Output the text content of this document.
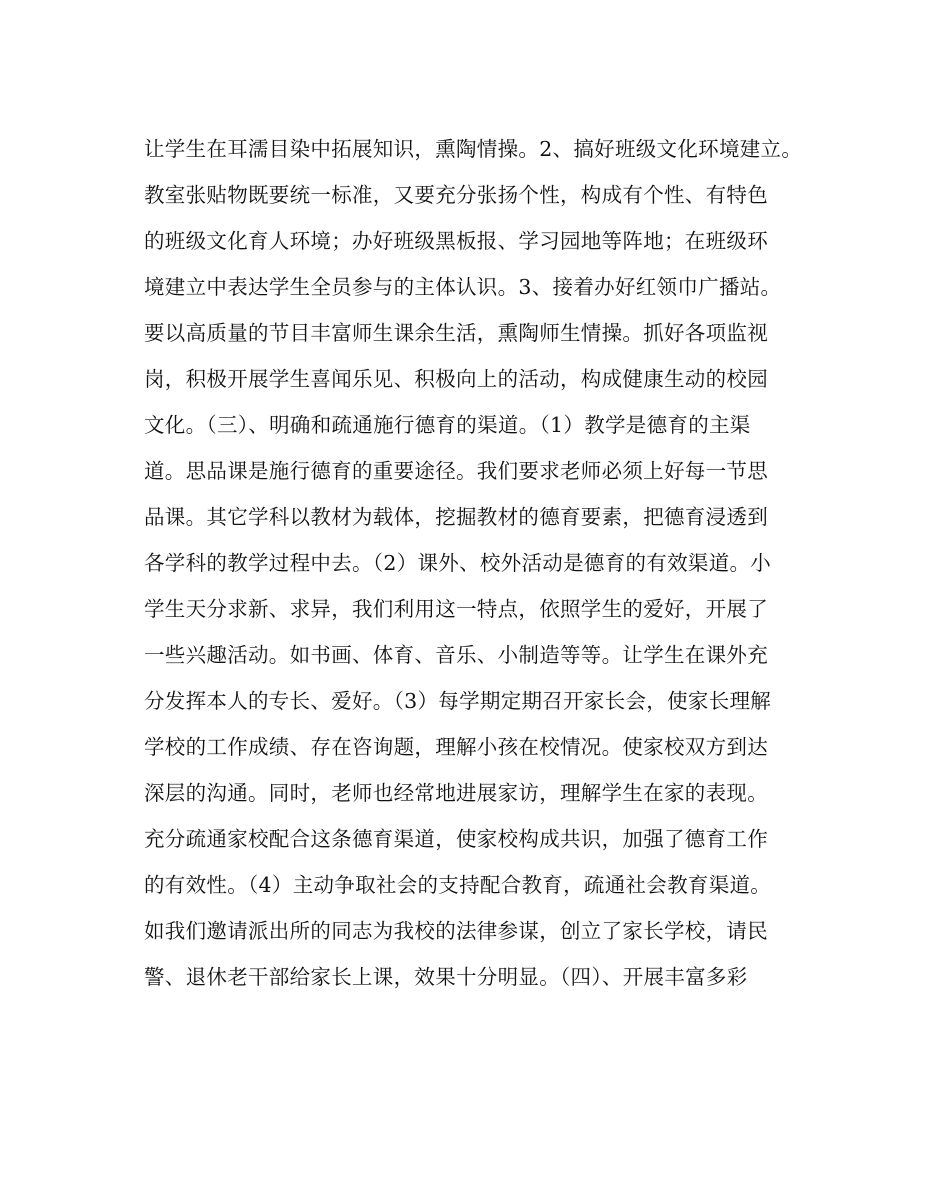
让学生在耳濡目染中拓展知识，熏陶情操。2、搞好班级文化环境建立。
教室张贴物既要统一标准，又要充分张扬个性，构成有个性、有特色
的班级文化育人环境；办好班级黑板报、学习园地等阵地；在班级环
境建立中表达学生全员参与的主体认识。3、接着办好红领巾广播站。
要以高质量的节目丰富师生课余生活，熏陶师生情操。抓好各项监视
岗，积极开展学生喜闻乐见、积极向上的活动，构成健康生动的校园
文化。（三）、明确和疏通施行德育的渠道。（1）教学是德育的主渠
道。思品课是施行德育的重要途径。我们要求老师必须上好每一节思
品课。其它学科以教材为载体，挖掘教材的德育要素，把德育浸透到
各学科的教学过程中去。（2）课外、校外活动是德育的有效渠道。小
学生天分求新、求异，我们利用这一特点，依照学生的爱好，开展了
一些兴趣活动。如书画、体育、音乐、小制造等等。让学生在课外充
分发挥本人的专长、爱好。（3）每学期定期召开家长会，使家长理解
学校的工作成绩、存在咨询题，理解小孩在校情况。使家校双方到达
深层的沟通。同时，老师也经常地进展家访，理解学生在家的表现。
充分疏通家校配合这条德育渠道，使家校构成共识，加强了德育工作
的有效性。（4）主动争取社会的支持配合教育，疏通社会教育渠道。
如我们邀请派出所的同志为我校的法律参谋，创立了家长学校，请民
警、退休老干部给家长上课，效果十分明显。（四）、开展丰富多彩
